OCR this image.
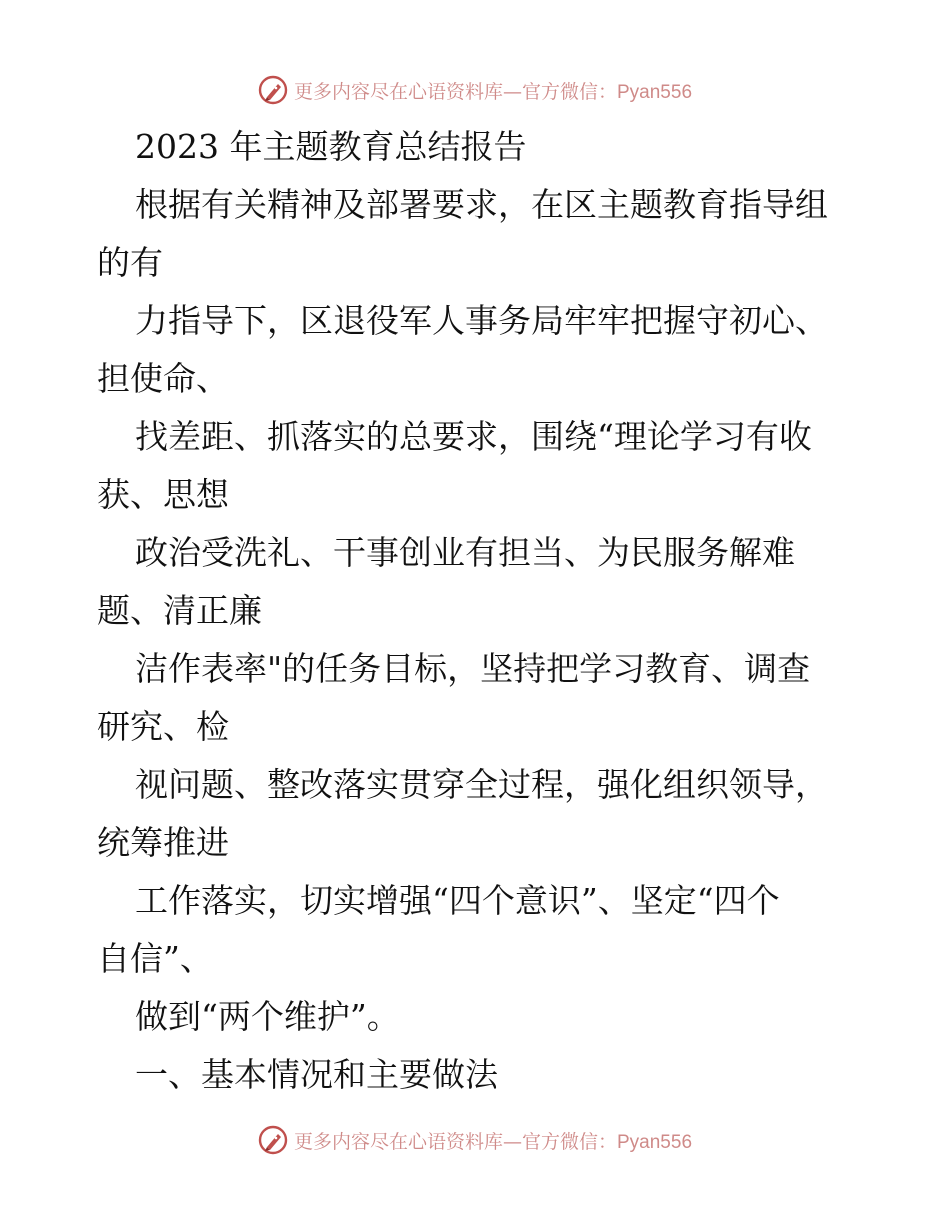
更多内容尽在心语资料库—官方微信：Pyan556
2023 年主题教育总结报告
根据有关精神及部署要求，在区主题教育指导组
的有
力指导下，区退役军人事务局牢牢把握守初心、
担使命、
找差距、抓落实的总要求，围绕“理论学习有收
获、思想
政治受洗礼、干事创业有担当、为民服务解难
题、清正廉
洁作表率"的任务目标，坚持把学习教育、调查
研究、检
视问题、整改落实贯穿全过程，强化组织领导，
统筹推进
工作落实，切实增强“四个意识”、坚定“四个
自信”、
做到“两个维护”。
一、基本情况和主要做法
更多内容尽在心语资料库—官方微信：Pyan556
